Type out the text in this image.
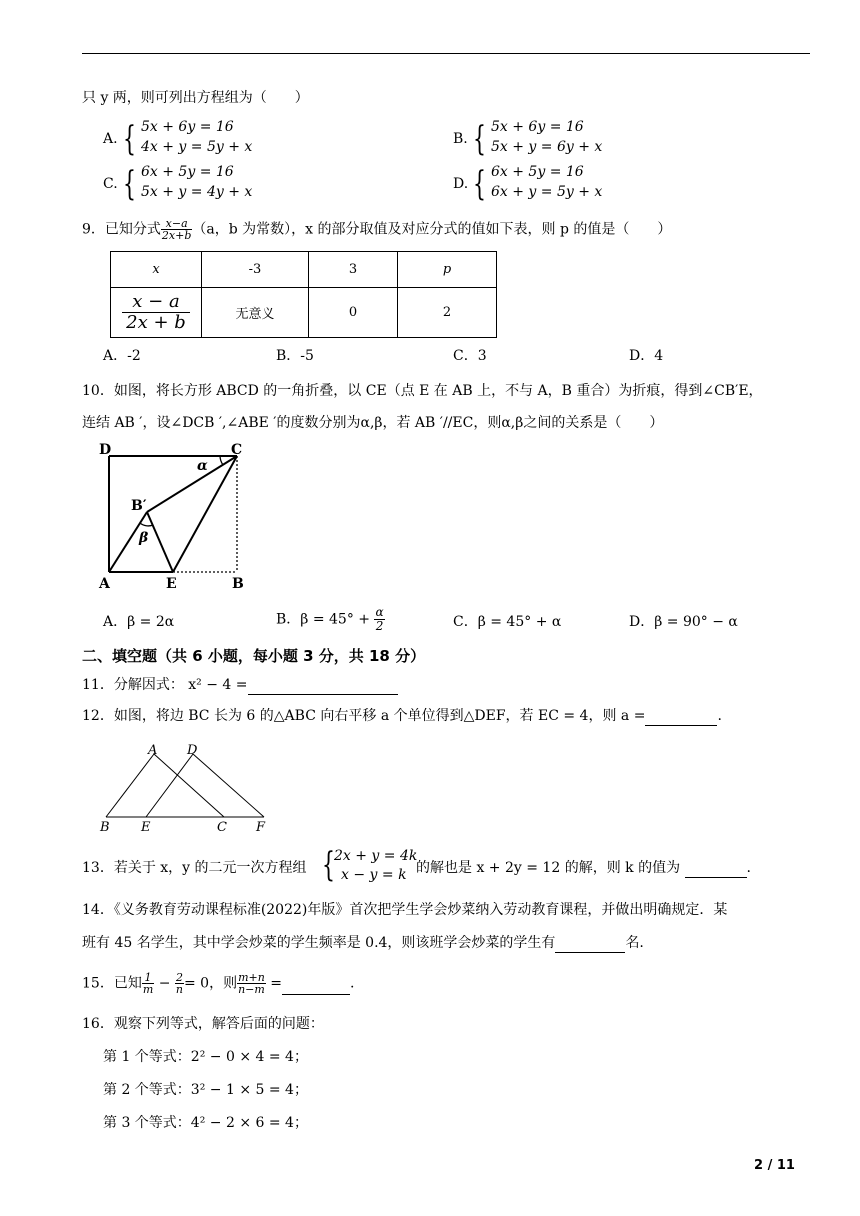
只 y 两，则可列出方程组为（　　）
A. { 5x + 6y = 16
4x + y = 5y + x	B. { 5x + 6y = 16
5x + y = 6y + x
C. { 6x + 5y = 16
5x + y = 4y + x	D. { 6x + 5y = 16
6x + y = 5y + x
9．已知分式 $\frac{x-a}{2x+b} (a$，b 为常数），x 的部分取值及对应分式的值如下表，则 p 的值是（　　）
x	-3	3	p

$\frac{x - a}{2x + b}$	无意义	0	2
A．-2	B．-5	C．3	D．4
10．如图，将长方形 ABCD 的一角折叠，以 CE（点 E 在 AB 上，不与 A，B 重合）为折痕，得到∠CB′E，
连结 AB ′，设∠DCB ′,∠ABE ′的度数分别为α,β，若 AB ′//EC，则α,β之间的关系是（　　）
D	C
A	E	B
B′
α
β
A．β = 2α	B．$\beta = 45^\circ + \frac{\alpha}{2}$	C．β = 45° + α	D．β = 90° − α
二、填空题（共 6 小题，每小题 3 分，共 18 分）
11．分解因式： x² − 4 =
12．如图，将边 BC 长为 6 的△ABC 向右平移 a 个单位得到△DEF，若 EC = 4，则 a =	.
A D
B E	C F
13．若关于 x，y 的二元一次方程组 { 2x + y = 4k
x − y = k 的解也是 x + 2y = 12 的解，则 k 的值为	.
14．《义务教育劳动课程标准(2022)年版》首次把学生学会炒菜纳入劳动教育课程，并做出明确规定．某
班有 45 名学生，其中学会炒菜的学生频率是 0.4，则该班学会炒菜的学生有	名.
15．已知 $\frac{1}{m} - \frac{2}{n} = 0$，则 $\frac{m+n}{n-m}$ =	.
16．观察下列等式，解答后面的问题：
第 1 个等式：2² − 0 × 4 = 4；
第 2 个等式：3² − 1 × 5 = 4；
第 3 个等式：4² − 2 × 6 = 4；
2 / 11
